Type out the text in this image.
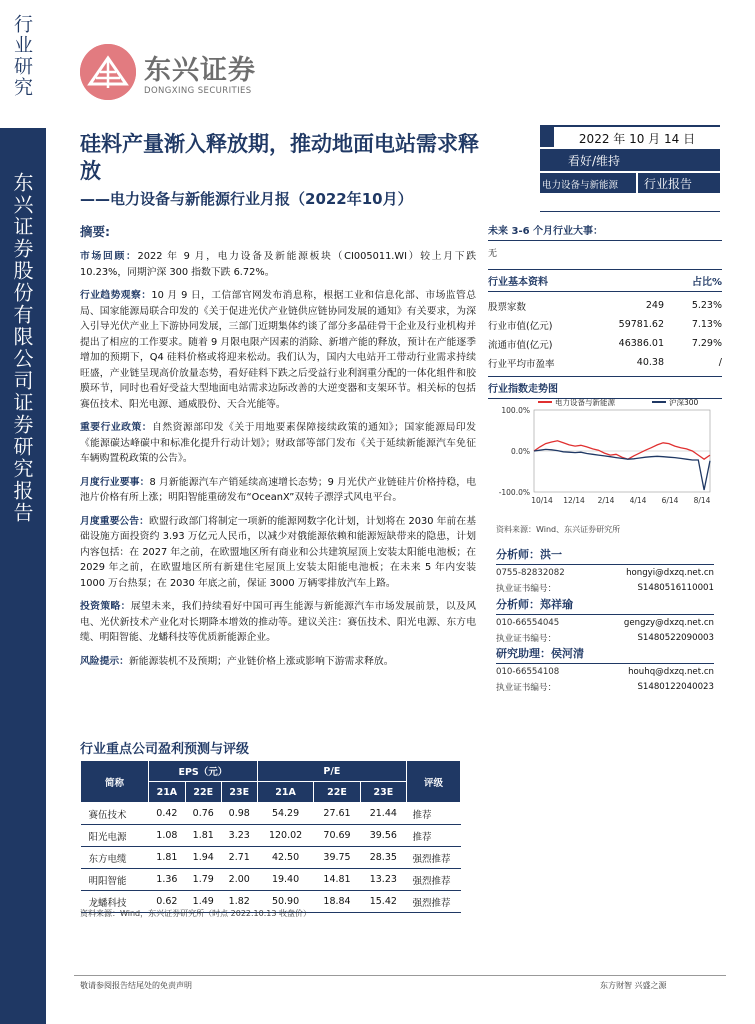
行业研究
东兴证券股份有限公司证券研究报告
东兴证券
DONGXING SECURITIES
硅料产量渐入释放期，推动地面电站需求释放
——电力设备与新能源行业月报（2022年10月）
2022 年 10 月 14 日
看好/维持
电力设备与新能源	行业报告
摘要:

市场回顾：2022 年 9 月，电力设备及新能源板块（CI005011.WI）较上月下跌 10.23%，同期沪深 300 指数下跌 6.72%。

行业趋势观察：10 月 9 日，工信部官网发布消息称，根据工业和信息化部、市场监管总局、国家能源局联合印发的《关于促进光伏产业链供应链协同发展的通知》有关要求，为深入引导光伏产业上下游协同发展，三部门近期集体约谈了部分多晶硅骨干企业及行业机构并提出了相应的工作要求。随着 9 月限电限产因素的消除、新增产能的释放，预计在产能逐季增加的预期下，Q4 硅料价格或将迎来松动。我们认为，国内大电站开工带动行业需求持续旺盛，产业链呈现高价放量态势，看好硅料下跌之后受益行业利润重分配的一体化组件和胶膜环节，同时也看好受益大型地面电站需求边际改善的大逆变器和支架环节。相关标的包括赛伍技术、阳光电源、通威股份、天合光能等。

重要行业政策：自然资源部印发《关于用地要素保障接续政策的通知》；国家能源局印发《能源碳达峰碳中和标准化提升行动计划》；财政部等部门发布《关于延续新能源汽车免征车辆购置税政策的公告》。

月度行业要事：8 月新能源汽车产销延续高速增长态势；9 月光伏产业链硅片价格持稳，电池片价格有所上涨；明阳智能重磅发布“OceanX”双转子漂浮式风电平台。

月度重要公告：欧盟行政部门将制定一项新的能源网数字化计划，计划将在 2030 年前在基础设施方面投资约 3.93 万亿元人民币，以减少对俄能源依赖和能源短缺带来的隐患，计划内容包括：在 2027 年之前，在欧盟地区所有商业和公共建筑屋顶上安装太阳能电池板；在 2029 年之前，在欧盟地区所有新建住宅屋顶上安装太阳能电池板；在未来 5 年内安装 1000 万台热泵；在 2030 年底之前，保证 3000 万辆零排放汽车上路。

投资策略：展望未来，我们持续看好中国可再生能源与新能源汽车市场发展前景，以及风电、光伏新技术产业化对长期降本增效的推动等。建议关注：赛伍技术、阳光电源、东方电缆、明阳智能、龙蟠科技等优质新能源企业。

风险提示：新能源装机不及预期；产业链价格上涨或影响下游需求释放。

未来 3-6 个月行业大事：
无
行业基本资料	占比%
股票家数	249	5.23%
行业市值(亿元)	59781.62	7.13%
流通市值(亿元)	46386.01	7.29%
行业平均市盈率	40.38	/
行业指数走势图
100.0%
0.0%
-100.0%
10/14 12/14 2/14 4/14 6/14 8/14
电力设备与新能源	沪深300
资料来源：Wind、东兴证券研究所
分析师：洪一
0755-82832082	hongyi@dxzq.net.cn
执业证书编号：	S1480516110001
分析师：郑祥瑜
010-66554045	gengzy@dxzq.net.cn
执业证书编号：	S1480522090003
研究助理：侯河清
010-66554108	houhq@dxzq.net.cn
执业证书编号：	S1480122040023
行业重点公司盈利预测与评级
简称	EPS（元）			P/E			评级
	21A	22E	23E	21A	22E	23E	
赛伍技术	0.42	0.76	0.98	54.29	27.61	21.44	推荐
阳光电源	1.08	1.81	3.23	120.02	70.69	39.56	推荐
东方电缆	1.81	1.94	2.71	42.50	39.75	28.35	强烈推荐
明阳智能	1.36	1.79	2.00	19.40	14.81	13.23	强烈推荐
龙蟠科技	0.62	1.49	1.82	50.90	18.84	15.42	强烈推荐
资料来源：Wind，东兴证券研究所（时点 2022.10.13 收盘价）
敬请参阅报告结尾处的免责声明	东方财智 兴盛之源
